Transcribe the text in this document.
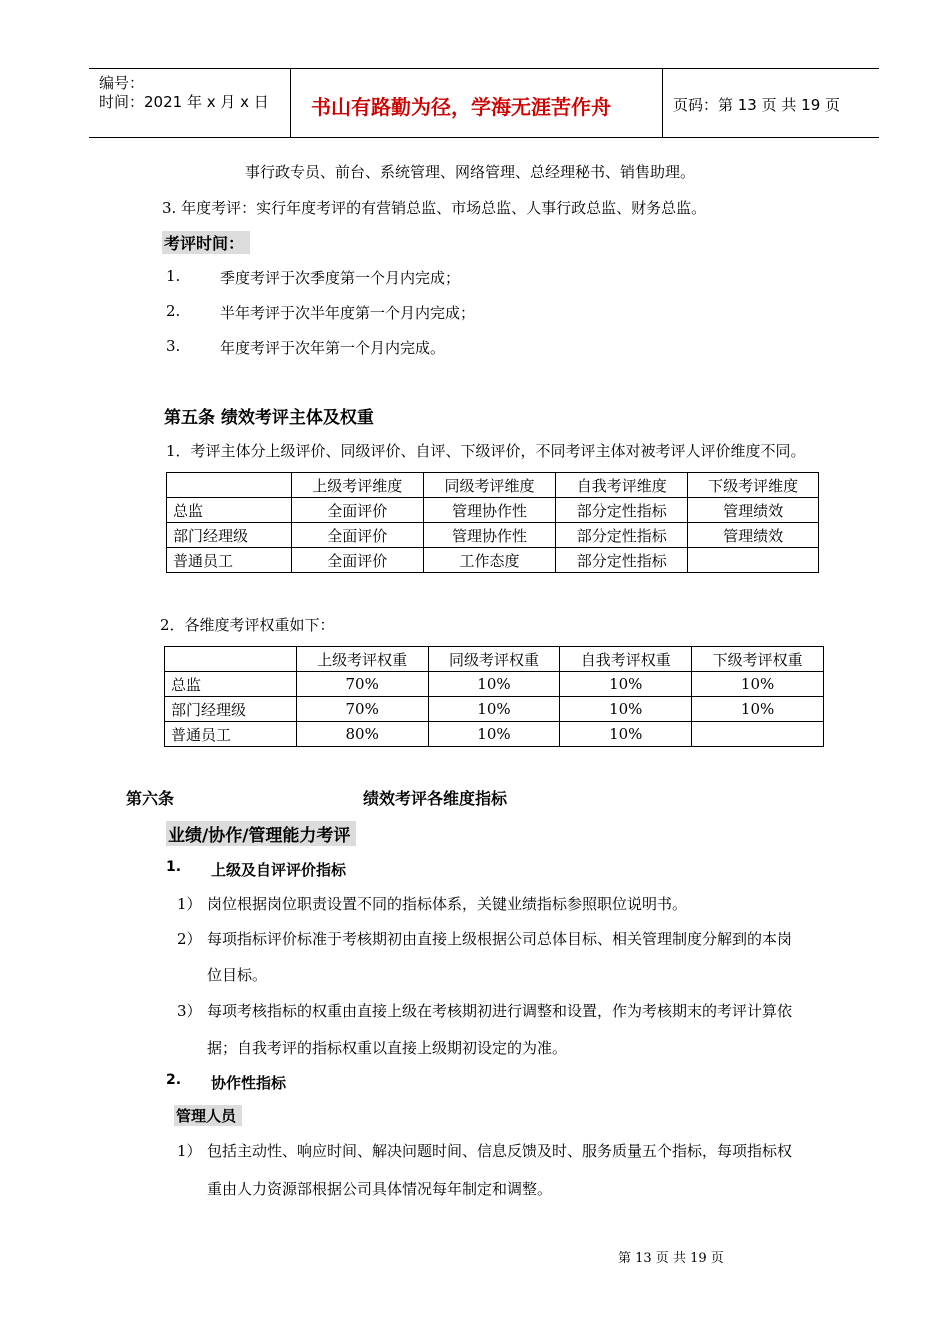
编号：
时间：2021 年 x 月 x 日 书山有路勤为径，学海无涯苦作舟	页码：第 13 页 共 19 页
事行政专员、前台、系统管理、网络管理、总经理秘书、销售助理。
3. 年度考评：实行年度考评的有营销总监、市场总监、人事行政总监、财务总监。
考评时间：
1.	季度考评于次季度第一个月内完成；
2.	半年考评于次半年度第一个月内完成；
3.	年度考评于次年第一个月内完成。
第五条 绩效考评主体及权重
1．考评主体分上级评价、同级评价、自评、下级评价，不同考评主体对被考评人评价维度不同。
	上级考评维度	同级考评维度	自我考评维度	下级考评维度
总监	全面评价	管理协作性	部分定性指标	管理绩效
部门经理级	全面评价	管理协作性	部分定性指标	管理绩效
普通员工	全面评价	工作态度	部分定性指标	
2．各维度考评权重如下：
	上级考评权重	同级考评权重	自我考评权重	下级考评权重
总监	70%	10%	10%	10%
部门经理级	70%	10%	10%	10%
普通员工	80%	10%	10%	
第六条	绩效考评各维度指标
业绩/协作/管理能力考评
1. 上级及自评评价指标
1） 岗位根据岗位职责设置不同的指标体系，关键业绩指标参照职位说明书。
2） 每项指标评价标准于考核期初由直接上级根据公司总体目标、相关管理制度分解到的本岗
位目标。
3） 每项考核指标的权重由直接上级在考核期初进行调整和设置，作为考核期末的考评计算依
据；自我考评的指标权重以直接上级期初设定的为准。
2. 协作性指标
管理人员
1） 包括主动性、响应时间、解决问题时间、信息反馈及时、服务质量五个指标，每项指标权
重由人力资源部根据公司具体情况每年制定和调整。
第 13 页 共 19 页
